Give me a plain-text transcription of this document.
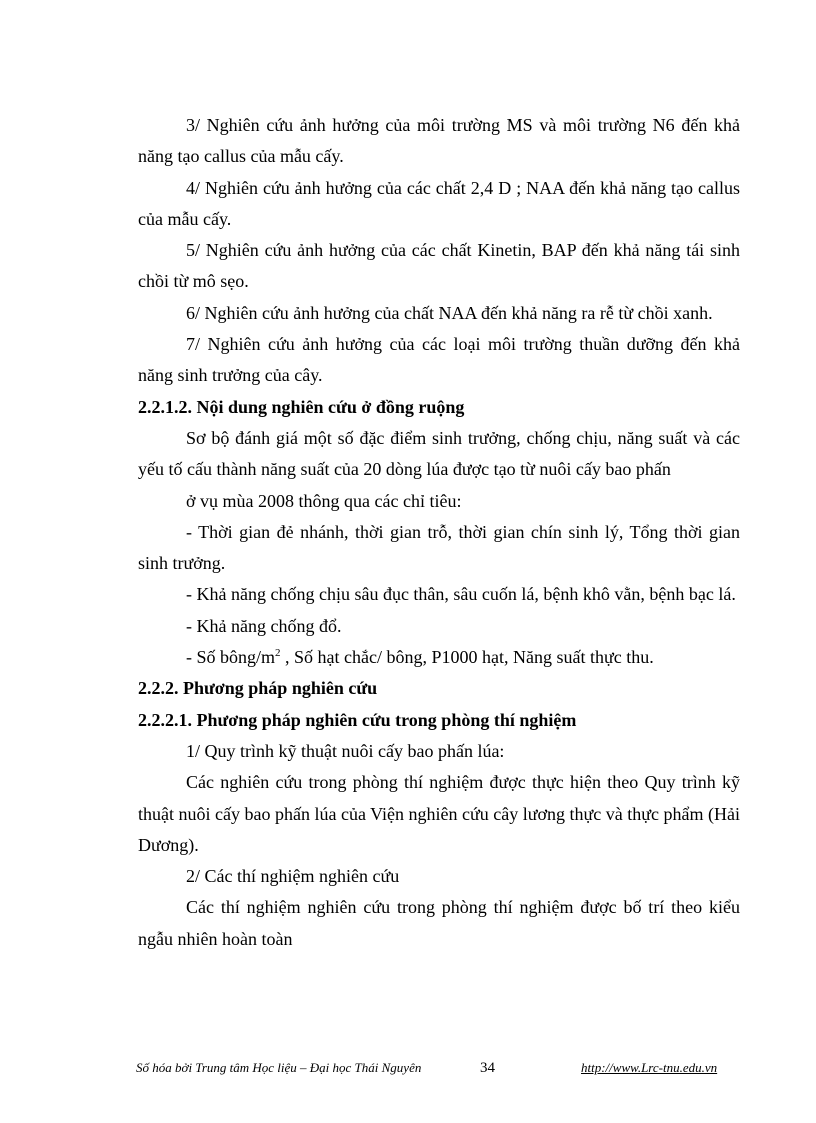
3/ Nghiên cứu ảnh hưởng của môi trường MS và môi trường N6 đến khả năng tạo callus của mẫu cấy.

4/ Nghiên cứu ảnh hưởng của các chất 2,4 D ; NAA đến khả năng tạo callus của mẫu cấy.

5/ Nghiên cứu ảnh hưởng của các chất Kinetin, BAP đến khả năng tái sinh chồi từ mô sẹo.

6/ Nghiên cứu ảnh hưởng của chất NAA đến khả năng ra rễ từ chồi xanh.

7/ Nghiên cứu ảnh hưởng của các loại môi trường thuần dưỡng đến khả năng sinh trưởng của cây.

2.2.1.2. Nội dung nghiên cứu ở đồng ruộng

Sơ bộ đánh giá một số đặc điểm sinh trưởng, chống chịu, năng suất và các yếu tố cấu thành năng suất của 20 dòng lúa được tạo từ nuôi cấy bao phấn

ở vụ mùa 2008 thông qua các chỉ tiêu:

- Thời gian đẻ nhánh, thời gian trỗ, thời gian chín sinh lý, Tổng thời gian sinh trưởng.

- Khả năng chống chịu sâu đục thân, sâu cuốn lá, bệnh khô vằn, bệnh bạc lá.

- Khả năng chống đổ.

- Số bông/$m^2$ , Số hạt chắc/ bông, P1000 hạt, Năng suất thực thu.

2.2.2. Phương pháp nghiên cứu

2.2.2.1. Phương pháp nghiên cứu trong phòng thí nghiệm

1/ Quy trình kỹ thuật nuôi cấy bao phấn lúa:

Các nghiên cứu trong phòng thí nghiệm được thực hiện theo Quy trình kỹ thuật nuôi cấy bao phấn lúa của Viện nghiên cứu cây lương thực và thực phẩm (Hải Dương).

2/ Các thí nghiệm nghiên cứu

Các thí nghiệm nghiên cứu trong phòng thí nghiệm được bố trí theo kiểu ngẫu nhiên hoàn toàn

Số hóa bởi Trung tâm Học liệu – Đại học Thái Nguyên	34	http://www.Lrc-tnu.edu.vn
